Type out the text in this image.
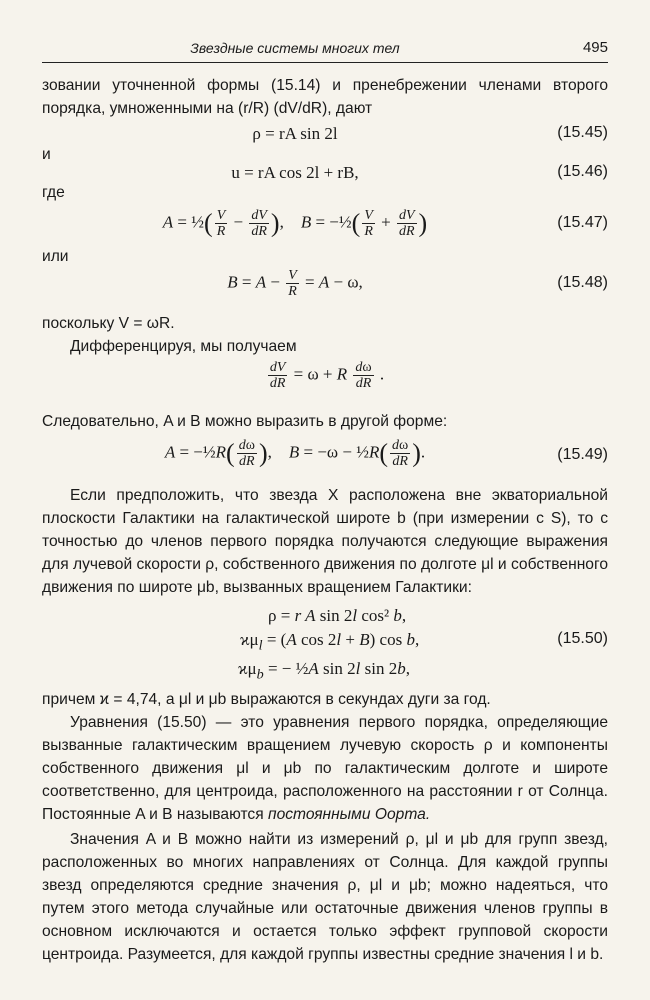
Звездные системы многих тел	495
зовании уточненной формы (15.14) и пренебрежении членами второго порядка, умноженными на (r/R) (dV/dR), дают
ρ = rA sin 2l	(15.45)
и
u = rA cos 2l + rB,	(15.46)
где
A = ½( $\frac{V}{R} - \frac{dV}{dR}$ ),    B = −½( $\frac{V}{R} + \frac{dV}{dR}$ )	(15.47)
или
$B = A - \frac{V}{R} = A - \omega$,	(15.48)
поскольку V = ωR.
Дифференцируя, мы получаем
$\frac{dV}{dR} = \omega + R \frac{d\omega}{dR}$ .
Следовательно, A и B можно выразить в другой форме:
A = −½R( $\frac{d\omega}{dR}$ ),    B = −ω − ½R( $\frac{d\omega}{dR}$ ).	(15.49)
Если предположить, что звезда X расположена вне экваториальной плоскости Галактики на галактической широте b (при измерении с S), то с точностью до членов первого порядка получаются следующие выражения для лучевой скорости ρ, собственного движения по долготе μl и собственного движения по широте μb, вызванных вращением Галактики:
ρ = r A sin 2l cos² b,
$ϰ\mu_l = (A$ cos 2l + B) cos b,
$ϰ\mu_b$ = − ½A sin 2l sin 2b,
(15.50)
причем ϰ = 4,74, а μl и μb выражаются в секундах дуги за год.
Уравнения (15.50) — это уравнения первого порядка, определяющие вызванные галактическим вращением лучевую скорость ρ и компоненты собственного движения μl и μb по галактическим долготе и широте соответственно, для центроида, расположенного на расстоянии r от Солнца. Постоянные A и B называются постоянными Оорта.
Значения A и B можно найти из измерений ρ, μl и μb для групп звезд, расположенных во многих направлениях от Солнца. Для каждой группы звезд определяются средние значения ρ, μl и μb; можно надеяться, что путем этого метода случайные или остаточные движения членов группы в основном исключаются и остается только эффект групповой скорости центроида. Разумеется, для каждой группы известны средние значения l и b.
